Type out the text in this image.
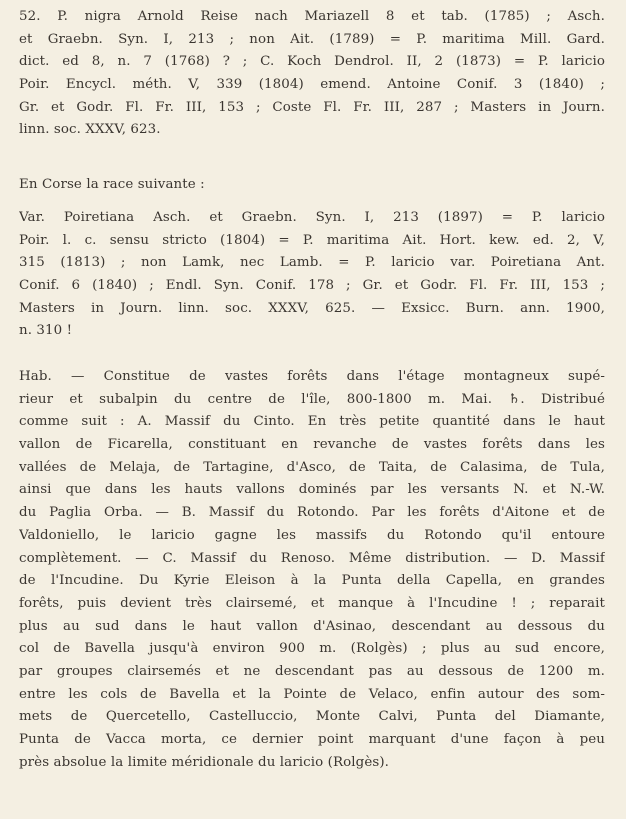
52. P. nigra Arnold Reise nach Mariazell 8 et tab. (1785) ; Asch.
et Graebn. Syn. I, 213 ; non Ait. (1789) = P. maritima Mill. Gard.
dict. ed 8, n. 7 (1768) ? ; C. Koch Dendrol. II, 2 (1873) = P. laricio
Poir. Encycl. méth. V, 339 (1804) emend. Antoine Conif. 3 (1840) ;
Gr. et Godr. Fl. Fr. III, 153 ; Coste Fl. Fr. III, 287 ; Masters in Journ.
linn. soc. XXXV, 623.
En Corse la race suivante :
Var. Poiretiana Asch. et Graebn. Syn. I, 213 (1897) = P. laricio
Poir. l. c. sensu stricto (1804) = P. maritima Ait. Hort. kew. ed. 2, V,
315 (1813) ; non Lamk, nec Lamb. = P. laricio var. Poiretiana Ant.
Conif. 6 (1840) ; Endl. Syn. Conif. 178 ; Gr. et Godr. Fl. Fr. III, 153 ;
Masters in Journ. linn. soc. XXXV, 625. — Exsicc. Burn. ann. 1900,
n. 310 !
Hab. — Constitue de vastes forêts dans l'étage montagneux supé-
rieur et subalpin du centre de l'île, 800-1800 m. Mai. ♄. Distribué
comme suit : A. Massif du Cinto. En très petite quantité dans le haut
vallon de Ficarella, constituant en revanche de vastes forêts dans les
vallées de Melaja, de Tartagine, d'Asco, de Taita, de Calasima, de Tula,
ainsi que dans les hauts vallons dominés par les versants N. et N.-W.
du Paglia Orba. — B. Massif du Rotondo. Par les forêts d'Aitone et de
Valdoniello, le laricio gagne les massifs du Rotondo qu'il entoure
complètement. — C. Massif du Renoso. Même distribution. — D. Massif
de l'Incudine. Du Kyrie Eleison à la Punta della Capella, en grandes
forêts, puis devient très clairsemé, et manque à l'Incudine ! ; reparait
plus au sud dans le haut vallon d'Asinao, descendant au dessous du
col de Bavella jusqu'à environ 900 m. (Rolgès) ; plus au sud encore,
par groupes clairsemés et ne descendant pas au dessous de 1200 m.
entre les cols de Bavella et la Pointe de Velaco, enfin autour des som-
mets de Quercetello, Castelluccio, Monte Calvi, Punta del Diamante,
Punta de Vacca morta, ce dernier point marquant d'une façon à peu
près absolue la limite méridionale du laricio (Rolgès).
